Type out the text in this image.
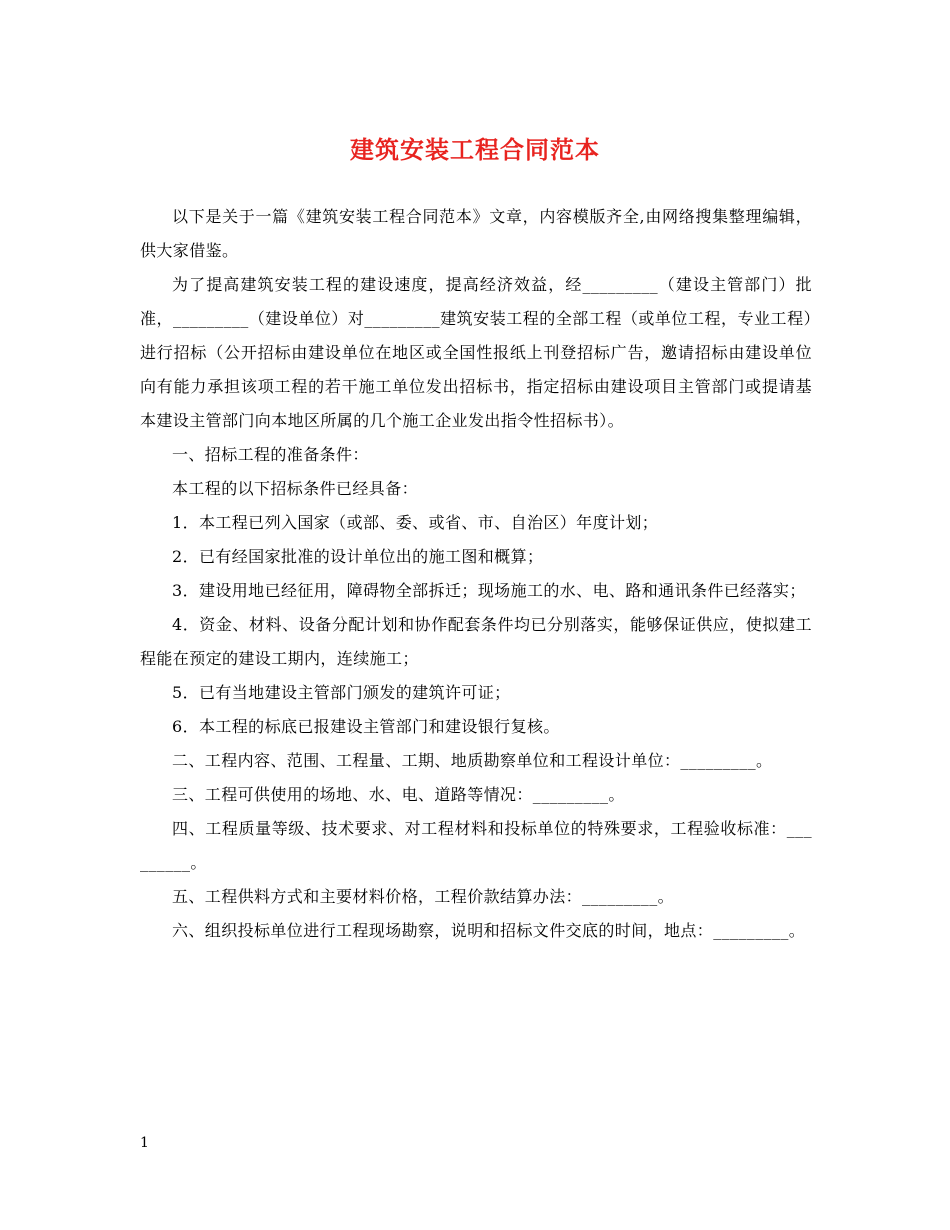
建筑安装工程合同范本

以下是关于一篇《建筑安装工程合同范本》文章，内容模版齐全,由网络搜集整理编辑，供大家借鉴。

为了提高建筑安装工程的建设速度，提高经济效益，经_________（建设主管部门）批准，_________（建设单位）对_________建筑安装工程的全部工程（或单位工程，专业工程）进行招标（公开招标由建设单位在地区或全国性报纸上刊登招标广告，邀请招标由建设单位向有能力承担该项工程的若干施工单位发出招标书，指定招标由建设项目主管部门或提请基本建设主管部门向本地区所属的几个施工企业发出指令性招标书）。

一、招标工程的准备条件：

本工程的以下招标条件已经具备：

1．本工程已列入国家（或部、委、或省、市、自治区）年度计划；

2．已有经国家批准的设计单位出的施工图和概算；

3．建设用地已经征用，障碍物全部拆迁；现场施工的水、电、路和通讯条件已经落实；

4．资金、材料、设备分配计划和协作配套条件均已分别落实，能够保证供应，使拟建工程能在预定的建设工期内，连续施工；

5．已有当地建设主管部门颁发的建筑许可证；

6．本工程的标底已报建设主管部门和建设银行复核。

二、工程内容、范围、工程量、工期、地质勘察单位和工程设计单位：_________。

三、工程可供使用的场地、水、电、道路等情况：_________。

四、工程质量等级、技术要求、对工程材料和投标单位的特殊要求，工程验收标准：_________。

五、工程供料方式和主要材料价格，工程价款结算办法：_________。

六、组织投标单位进行工程现场勘察，说明和招标文件交底的时间，地点：_________。

1
